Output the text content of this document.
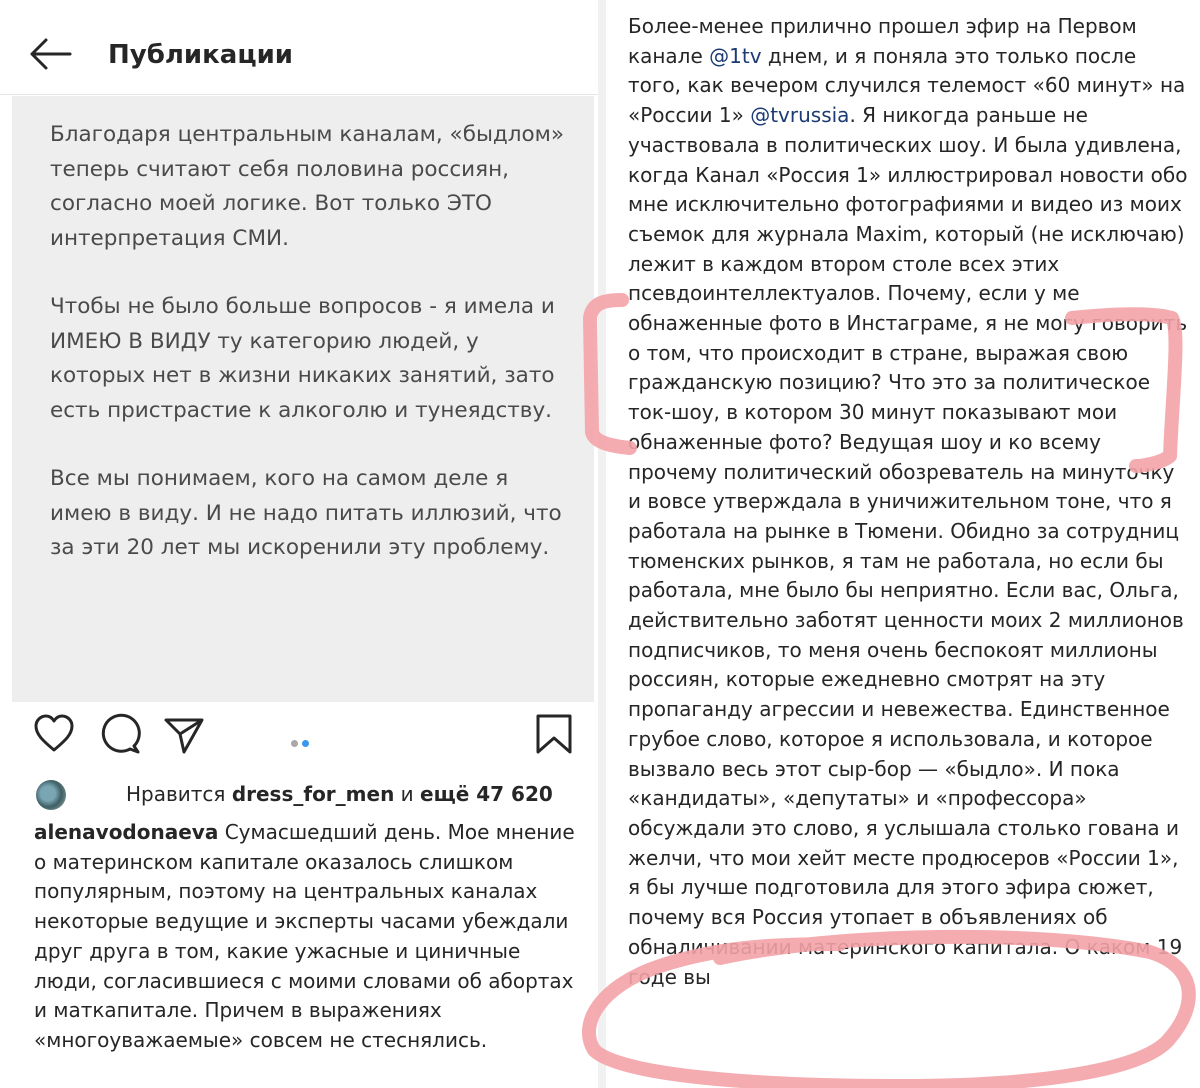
Публикации

Благодаря центральным каналам, «быдлом» теперь считают себя половина россиян, согласно моей логике. Вот только ЭТО интерпретация СМИ.

Чтобы не было больше вопросов - я имела и ИМЕЮ В ВИДУ ту категорию людей, у которых нет в жизни никаких занятий, зато есть пристрастие к алкоголю и тунеядству.

Все мы понимаем, кого на самом деле я имею в виду. И не надо питать иллюзий, что за эти 20 лет мы искоренили эту проблему.

Нравится dress_for_men и ещё 47 620
alenavodonaeva Сумасшедший день. Мое мнение о материнском капитале оказалось слишком популярным, поэтому на центральных каналах некоторые ведущие и эксперты часами убеждали друг друга в том, какие ужасные и циничные люди, согласившиеся с моими словами об абортах и маткапитале. Причем в выражениях «многоуважаемые» совсем не стеснялись.
Более-менее прилично прошел эфир на Первом канале @1tv днем, и я поняла это только после того, как вечером случился телемост «60 минут» на «России 1» @tvrussia. Я никогда раньше не участвовала в политических шоу. И была удивлена, когда Канал «Россия 1» иллюстрировал новости обо мне исключительно фотографиями и видео из моих съемок для журнала Maxim, который (не исключаю) лежит в каждом втором столе всех этих псевдоинтеллектуалов. Почему, если у ме обнаженные фото в Инстаграме, я не могу говорить о том, что происходит в стране, выражая свою гражданскую позицию? Что это за политическое ток-шоу, в котором 30 минут показывают мои обнаженные фото? Ведущая шоу и ко всему прочему политический обозреватель на минуточку и вовсе утверждала в уничижительном тоне, что я работала на рынке в Тюмени. Обидно за сотрудниц тюменских рынков, я там не работала, но если бы работала, мне было бы неприятно. Если вас, Ольга, действительно заботят ценности моих 2 миллионов подписчиков, то меня очень беспокоят миллионы россиян, которые ежедневно смотрят на эту пропаганду агрессии и невежества. Единственное грубое слово, которое я использовала, и которое вызвало весь этот сыр-бор — «быдло». И пока «кандидаты», «депутаты» и «профессора» обсуждали это слово, я услышала столько гована и желчи, что мои хейт месте продюсеров «России 1», я бы лучше подготовила для этого эфира сюжет, почему вся Россия утопает в объявлениях об обналичивании материнского капитала. О каком 19 годе вы
